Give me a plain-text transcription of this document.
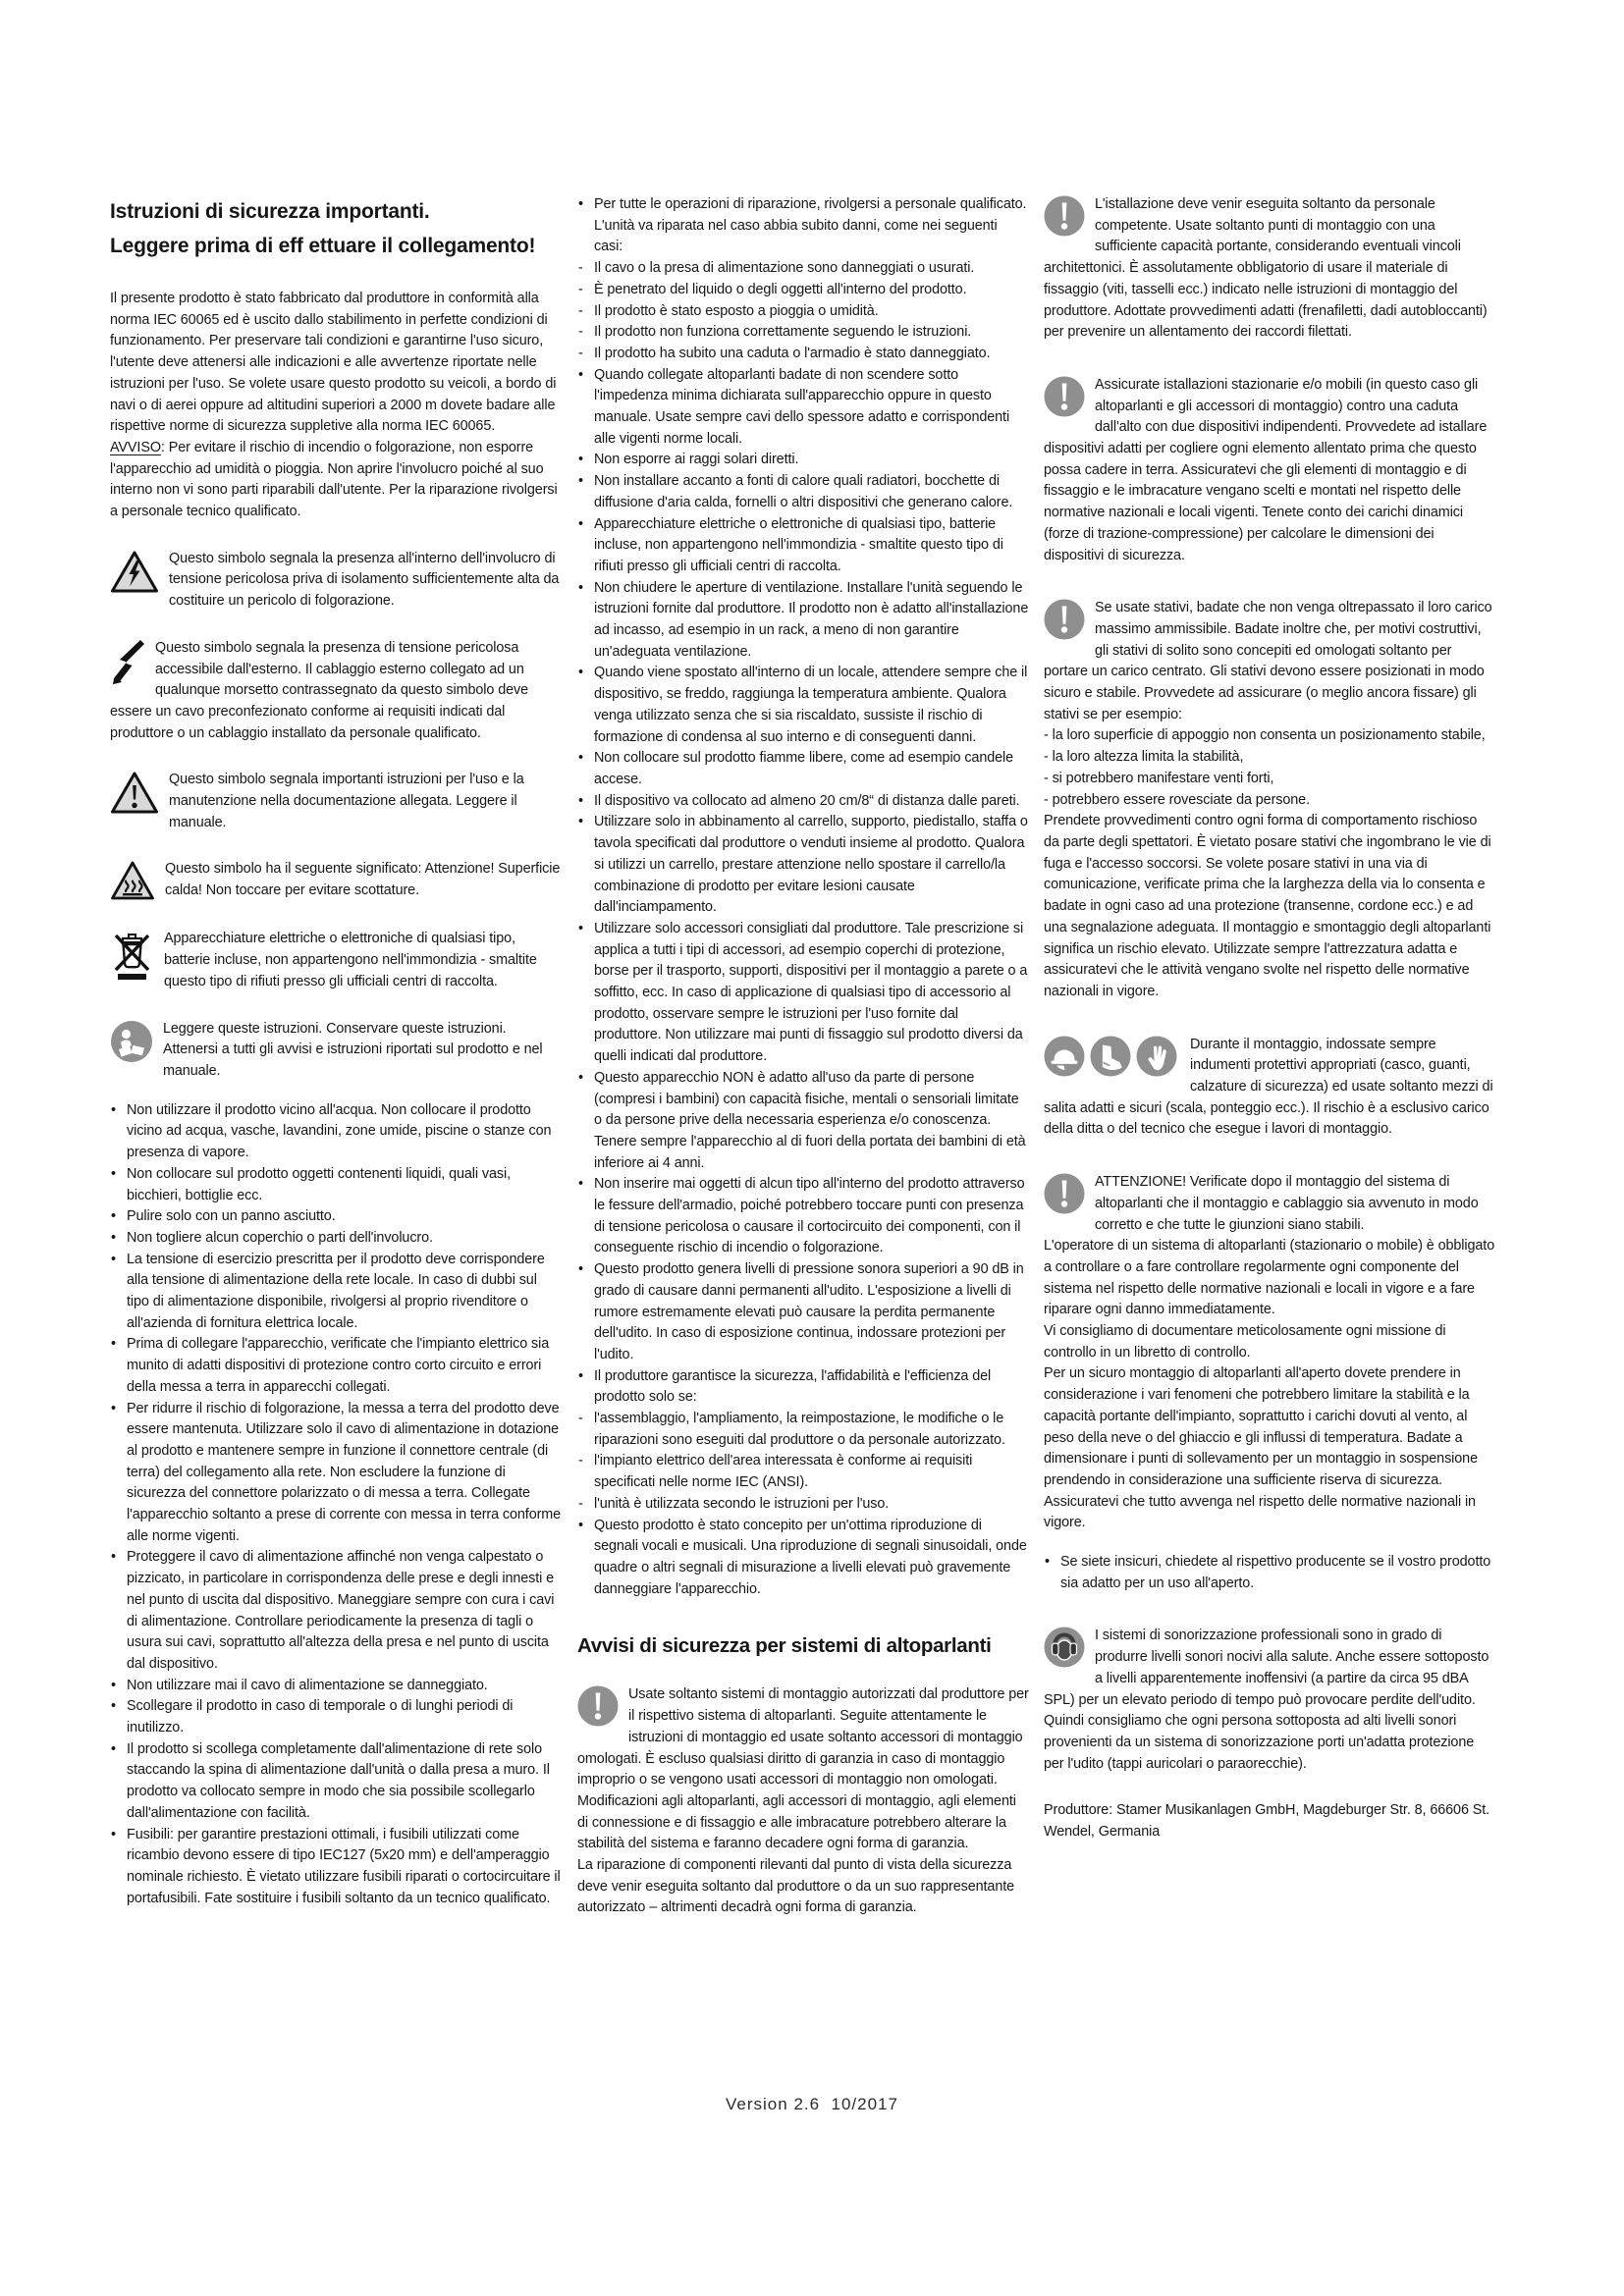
Istruzioni di sicurezza importanti.
Leggere prima di eff ettuare il collegamento!
Il presente prodotto è stato fabbricato dal produttore in conformità alla norma IEC 60065 ed è uscito dallo stabilimento in perfette condizioni di funzionamento. Per preservare tali condizioni e garantirne l'uso sicuro, l'utente deve attenersi alle indicazioni e alle avvertenze riportate nelle istruzioni per l'uso. Se volete usare questo prodotto su veicoli, a bordo di navi o di aerei oppure ad altitudini superiori a 2000 m dovete badare alle rispettive norme di sicurezza suppletive alla norma IEC 60065.
AVVISO: Per evitare il rischio di incendio o folgorazione, non esporre l'apparecchio ad umidità o pioggia. Non aprire l'involucro poiché al suo interno non vi sono parti riparabili dall'utente. Per la riparazione rivolgersi a personale tecnico qualificato.
Questo simbolo segnala la presenza all'interno dell'involucro di tensione pericolosa priva di isolamento sufficientemente alta da costituire un pericolo di folgorazione.
Questo simbolo segnala la presenza di tensione pericolosa accessibile dall'esterno. Il cablaggio esterno collegato ad un qualunque morsetto contrassegnato da questo simbolo deve essere un cavo preconfezionato conforme ai requisiti indicati dal produttore o un cablaggio installato da personale qualificato.
Questo simbolo segnala importanti istruzioni per l'uso e la manutenzione nella documentazione allegata. Leggere il manuale.
Questo simbolo ha il seguente significato: Attenzione! Superficie calda! Non toccare per evitare scottature.
Apparecchiature elettriche o elettroniche di qualsiasi tipo, batterie incluse, non appartengono nell'immondizia - smaltite questo tipo di rifiuti presso gli ufficiali centri di raccolta.
Leggere queste istruzioni. Conservare queste istruzioni. Attenersi a tutti gli avvisi e istruzioni riportati sul prodotto e nel manuale.
• Non utilizzare il prodotto vicino all'acqua. Non collocare il prodotto vicino ad acqua, vasche, lavandini, zone umide, piscine o stanze con presenza di vapore.
• Non collocare sul prodotto oggetti contenenti liquidi, quali vasi, bicchieri, bottiglie ecc.
• Pulire solo con un panno asciutto.
• Non togliere alcun coperchio o parti dell'involucro.
• La tensione di esercizio prescritta per il prodotto deve corrispondere alla tensione di alimentazione della rete locale. In caso di dubbi sul tipo di alimentazione disponibile, rivolgersi al proprio rivenditore o all'azienda di fornitura elettrica locale.
• Prima di collegare l'apparecchio, verificate che l'impianto elettrico sia munito di adatti dispositivi di protezione contro corto circuito e errori della messa a terra in apparecchi collegati.
• Per ridurre il rischio di folgorazione, la messa a terra del prodotto deve essere mantenuta. Utilizzare solo il cavo di alimentazione in dotazione al prodotto e mantenere sempre in funzione il connettore centrale (di terra) del collegamento alla rete. Non escludere la funzione di sicurezza del connettore polarizzato o di messa a terra. Collegate l'apparecchio soltanto a prese di corrente con messa in terra conforme alle norme vigenti.
• Proteggere il cavo di alimentazione affinché non venga calpestato o pizzicato, in particolare in corrispondenza delle prese e degli innesti e nel punto di uscita dal dispositivo. Maneggiare sempre con cura i cavi di alimentazione. Controllare periodicamente la presenza di tagli o usura sui cavi, soprattutto all'altezza della presa e nel punto di uscita dal dispositivo.
• Non utilizzare mai il cavo di alimentazione se danneggiato.
• Scollegare il prodotto in caso di temporale o di lunghi periodi di inutilizzo.
• Il prodotto si scollega completamente dall'alimentazione di rete solo staccando la spina di alimentazione dall'unità o dalla presa a muro. Il prodotto va collocato sempre in modo che sia possibile scollegarlo dall'alimentazione con facilità.
• Fusibili: per garantire prestazioni ottimali, i fusibili utilizzati come ricambio devono essere di tipo IEC127 (5x20 mm) e dell'amperaggio nominale richiesto. È vietato utilizzare fusibili riparati o cortocircuitare il portafusibili. Fate sostituire i fusibili soltanto da un tecnico qualificato.
• Per tutte le operazioni di riparazione, rivolgersi a personale qualificato. L'unità va riparata nel caso abbia subito danni, come nei seguenti casi:
- Il cavo o la presa di alimentazione sono danneggiati o usurati.
- È penetrato del liquido o degli oggetti all'interno del prodotto.
- Il prodotto è stato esposto a pioggia o umidità.
- Il prodotto non funziona correttamente seguendo le istruzioni.
- Il prodotto ha subito una caduta o l'armadio è stato danneggiato.
• Quando collegate altoparlanti badate di non scendere sotto l'impedenza minima dichiarata sull'apparecchio oppure in questo manuale. Usate sempre cavi dello spessore adatto e corrispondenti alle vigenti norme locali.
• Non esporre ai raggi solari diretti.
• Non installare accanto a fonti di calore quali radiatori, bocchette di diffusione d'aria calda, fornelli o altri dispositivi che generano calore.
• Apparecchiature elettriche o elettroniche di qualsiasi tipo, batterie incluse, non appartengono nell'immondizia - smaltite questo tipo di rifiuti presso gli ufficiali centri di raccolta.
• Non chiudere le aperture di ventilazione. Installare l'unità seguendo le istruzioni fornite dal produttore. Il prodotto non è adatto all'installazione ad incasso, ad esempio in un rack, a meno di non garantire un'adeguata ventilazione.
• Quando viene spostato all'interno di un locale, attendere sempre che il dispositivo, se freddo, raggiunga la temperatura ambiente. Qualora venga utilizzato senza che si sia riscaldato, sussiste il rischio di formazione di condensa al suo interno e di conseguenti danni.
• Non collocare sul prodotto fiamme libere, come ad esempio candele accese.
• Il dispositivo va collocato ad almeno 20 cm/8“ di distanza dalle pareti.
• Utilizzare solo in abbinamento al carrello, supporto, piedistallo, staffa o tavola specificati dal produttore o venduti insieme al prodotto. Qualora si utilizzi un carrello, prestare attenzione nello spostare il carrello/la combinazione di prodotto per evitare lesioni causate dall'inciampamento.
• Utilizzare solo accessori consigliati dal produttore. Tale prescrizione si applica a tutti i tipi di accessori, ad esempio coperchi di protezione, borse per il trasporto, supporti, dispositivi per il montaggio a parete o a soffitto, ecc. In caso di applicazione di qualsiasi tipo di accessorio al prodotto, osservare sempre le istruzioni per l'uso fornite dal produttore. Non utilizzare mai punti di fissaggio sul prodotto diversi da quelli indicati dal produttore.
• Questo apparecchio NON è adatto all'uso da parte di persone (compresi i bambini) con capacità fisiche, mentali o sensoriali limitate o da persone prive della necessaria esperienza e/o conoscenza. Tenere sempre l'apparecchio al di fuori della portata dei bambini di età inferiore ai 4 anni.
• Non inserire mai oggetti di alcun tipo all'interno del prodotto attraverso le fessure dell'armadio, poiché potrebbero toccare punti con presenza di tensione pericolosa o causare il cortocircuito dei componenti, con il conseguente rischio di incendio o folgorazione.
• Questo prodotto genera livelli di pressione sonora superiori a 90 dB in grado di causare danni permanenti all'udito. L'esposizione a livelli di rumore estremamente elevati può causare la perdita permanente dell'udito. In caso di esposizione continua, indossare protezioni per l'udito.
• Il produttore garantisce la sicurezza, l'affidabilità e l'efficienza del prodotto solo se:
- l'assemblaggio, l'ampliamento, la reimpostazione, le modifiche o le riparazioni sono eseguiti dal produttore o da personale autorizzato.
- l'impianto elettrico dell'area interessata è conforme ai requisiti specificati nelle norme IEC (ANSI).
- l'unità è utilizzata secondo le istruzioni per l'uso.
• Questo prodotto è stato concepito per un'ottima riproduzione di segnali vocali e musicali. Una riproduzione di segnali sinusoidali, onde quadre o altri segnali di misurazione a livelli elevati può gravemente danneggiare l'apparecchio.
Avvisi di sicurezza per sistemi di altoparlanti
Usate soltanto sistemi di montaggio autorizzati dal produttore per il rispettivo sistema di altoparlanti. Seguite attentamente le istruzioni di montaggio ed usate soltanto accessori di montaggio omologati. È escluso qualsiasi diritto di garanzia in caso di montaggio improprio o se vengono usati accessori di montaggio non omologati. Modificazioni agli altoparlanti, agli accessori di montaggio, agli elementi di connessione e di fissaggio e alle imbracature potrebbero alterare la stabilità del sistema e faranno decadere ogni forma di garanzia.
La riparazione di componenti rilevanti dal punto di vista della sicurezza deve venir eseguita soltanto dal produttore o da un suo rappresentante autorizzato – altrimenti decadrà ogni forma di garanzia.
L'istallazione deve venir eseguita soltanto da personale competente. Usate soltanto punti di montaggio con una sufficiente capacità portante, considerando eventuali vincoli architettonici. È assolutamente obbligatorio di usare il materiale di fissaggio (viti, tasselli ecc.) indicato nelle istruzioni di montaggio del produttore. Adottate provvedimenti adatti (frenafiletti, dadi autobloccanti) per prevenire un allentamento dei raccordi filettati.
Assicurate istallazioni stazionarie e/o mobili (in questo caso gli altoparlanti e gli accessori di montaggio) contro una caduta dall'alto con due dispositivi indipendenti. Provvedete ad istallare dispositivi adatti per cogliere ogni elemento allentato prima che questo possa cadere in terra. Assicuratevi che gli elementi di montaggio e di fissaggio e le imbracature vengano scelti e montati nel rispetto delle normative nazionali e locali vigenti. Tenete conto dei carichi dinamici (forze di trazione-compressione) per calcolare le dimensioni dei dispositivi di sicurezza.
Se usate stativi, badate che non venga oltrepassato il loro carico massimo ammissibile. Badate inoltre che, per motivi costruttivi, gli stativi di solito sono concepiti ed omologati soltanto per portare un carico centrato. Gli stativi devono essere posizionati in modo sicuro e stabile. Provvedete ad assicurare (o meglio ancora fissare) gli stativi se per esempio:
- la loro superficie di appoggio non consenta un posizionamento stabile,
- la loro altezza limita la stabilità,
- si potrebbero manifestare venti forti,
- potrebbero essere rovesciate da persone.
Prendete provvedimenti contro ogni forma di comportamento rischioso da parte degli spettatori. È vietato posare stativi che ingombrano le vie di fuga e l'accesso soccorsi. Se volete posare stativi in una via di comunicazione, verificate prima che la larghezza della via lo consenta e badate in ogni caso ad una protezione (transenne, cordone ecc.) e ad una segnalazione adeguata. Il montaggio e smontaggio degli altoparlanti significa un rischio elevato. Utilizzate sempre l'attrezzatura adatta e assicuratevi che le attività vengano svolte nel rispetto delle normative nazionali in vigore.
Durante il montaggio, indossate sempre indumenti protettivi appropriati (casco, guanti, calzature di sicurezza) ed usate soltanto mezzi di salita adatti e sicuri (scala, ponteggio ecc.). Il rischio è a esclusivo carico della ditta o del tecnico che esegue i lavori di montaggio.
ATTENZIONE! Verificate dopo il montaggio del sistema di altoparlanti che il montaggio e cablaggio sia avvenuto in modo corretto e che tutte le giunzioni siano stabili.
L'operatore di un sistema di altoparlanti (stazionario o mobile) è obbligato a controllare o a fare controllare regolarmente ogni componente del sistema nel rispetto delle normative nazionali e locali in vigore e a fare riparare ogni danno immediatamente.
Vi consigliamo di documentare meticolosamente ogni missione di controllo in un libretto di controllo.
Per un sicuro montaggio di altoparlanti all'aperto dovete prendere in considerazione i vari fenomeni che potrebbero limitare la stabilità e la capacità portante dell'impianto, soprattutto i carichi dovuti al vento, al peso della neve o del ghiaccio e gli influssi di temperatura. Badate a dimensionare i punti di sollevamento per un montaggio in sospensione prendendo in considerazione una sufficiente riserva di sicurezza. Assicuratevi che tutto avvenga nel rispetto delle normative nazionali in vigore.
• Se siete insicuri, chiedete al rispettivo producente se il vostro prodotto sia adatto per un uso all'aperto.
I sistemi di sonorizzazione professionali sono in grado di produrre livelli sonori nocivi alla salute. Anche essere sottoposto a livelli apparentemente inoffensivi (a partire da circa 95 dBA SPL) per un elevato periodo di tempo può provocare perdite dell'udito. Quindi consigliamo che ogni persona sottoposta ad alti livelli sonori provenienti da un sistema di sonorizzazione porti un'adatta protezione per l'udito (tappi auricolari o paraorecchie).
Produttore: Stamer Musikanlagen GmbH, Magdeburger Str. 8, 66606 St. Wendel, Germania
Version 2.6  10/2017
